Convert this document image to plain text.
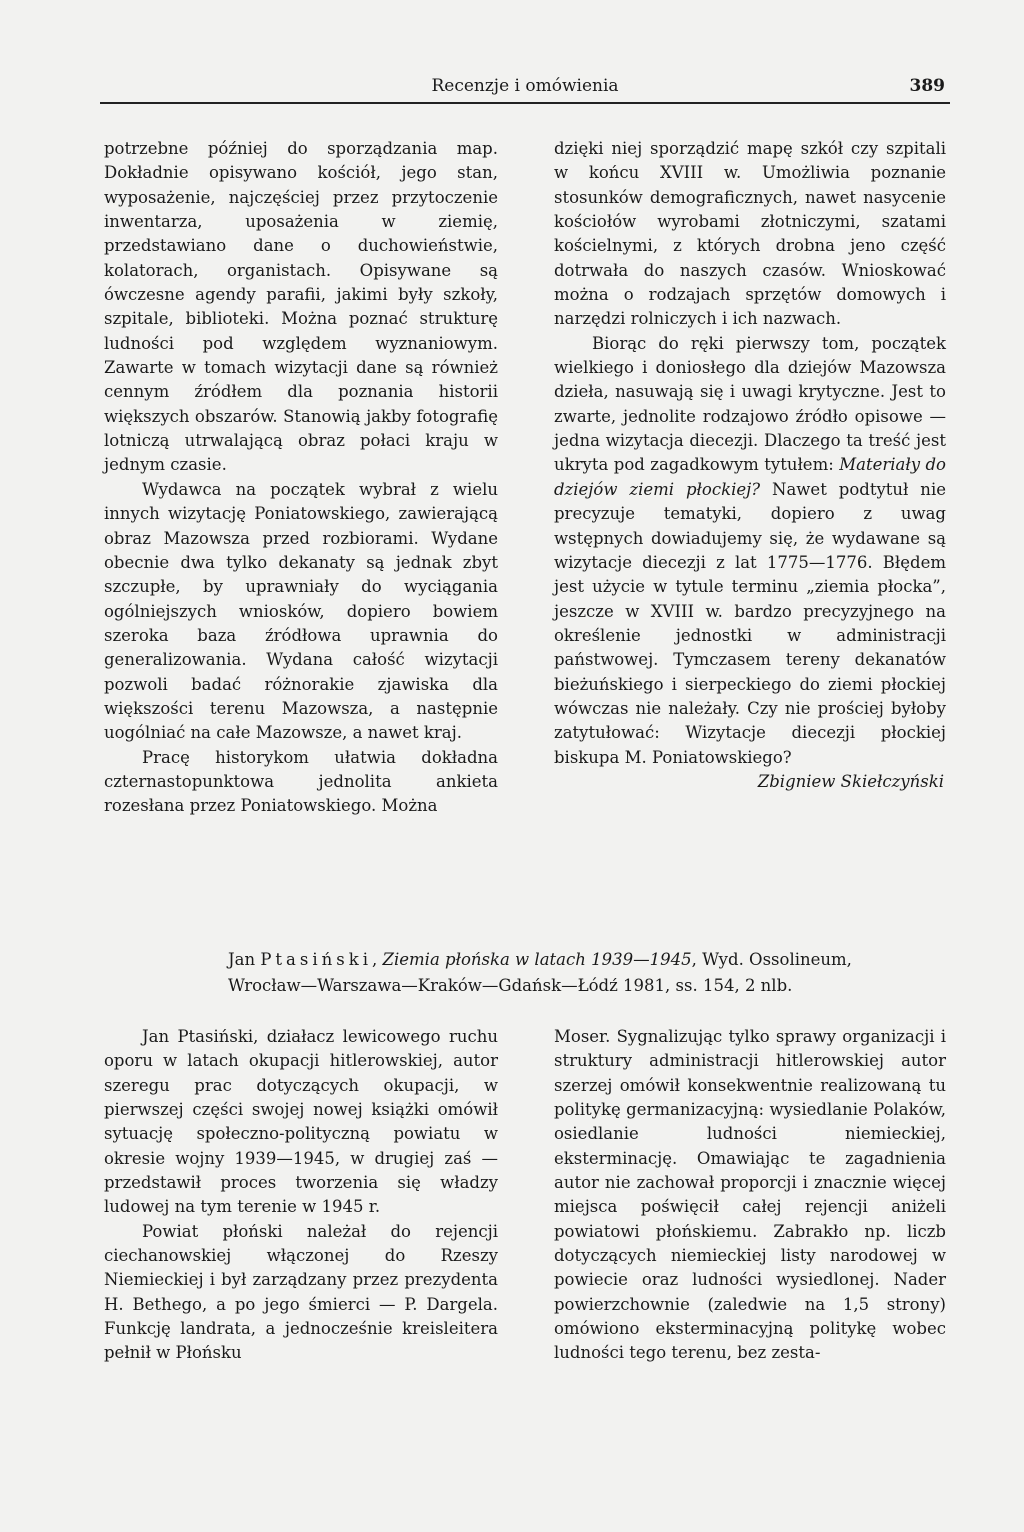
Recenzje i omówienia	389

potrzebne później do sporządzania map. Dokładnie opisywano kościół, jego stan, wyposażenie, najczęściej przez przytoczenie inwentarza, uposażenia w ziemię, przedstawiano dane o duchowieństwie, kolatorach, organistach. Opisywane są ówczesne agendy parafii, jakimi były szkoły, szpitale, biblioteki. Można poznać strukturę ludności pod względem wyznaniowym. Zawarte w tomach wizytacji dane są również cennym źródłem dla poznania historii większych obszarów. Stanowią jakby fotografię lotniczą utrwalającą obraz połaci kraju w jednym czasie.

Wydawca na początek wybrał z wielu innych wizytację Poniatowskiego, zawierającą obraz Mazowsza przed rozbiorami. Wydane obecnie dwa tylko dekanaty są jednak zbyt szczupłe, by uprawniały do wyciągania ogólniejszych wniosków, dopiero bowiem szeroka baza źródłowa uprawnia do generalizowania. Wydana całość wizytacji pozwoli badać różnorakie zjawiska dla większości terenu Mazowsza, a następnie uogólniać na całe Mazowsze, a nawet kraj.

Pracę historykom ułatwia dokładna czternastopunktowa jednolita ankieta rozesłana przez Poniatowskiego. Można

dzięki niej sporządzić mapę szkół czy szpitali w końcu XVIII w. Umożliwia poznanie stosunków demograficznych, nawet nasycenie kościołów wyrobami złotniczymi, szatami kościelnymi, z których drobna jeno część dotrwała do naszych czasów. Wnioskować można o rodzajach sprzętów domowych i narzędzi rolniczych i ich nazwach.

Biorąc do ręki pierwszy tom, początek wielkiego i doniosłego dla dziejów Mazowsza dzieła, nasuwają się i uwagi krytyczne. Jest to zwarte, jednolite rodzajowo źródło opisowe — jedna wizytacja diecezji. Dlaczego ta treść jest ukryta pod zagadkowym tytułem: Materiały do dziejów ziemi płockiej? Nawet podtytuł nie precyzuje tematyki, dopiero z uwag wstępnych dowiadujemy się, że wydawane są wizytacje diecezji z lat 1775—1776. Błędem jest użycie w tytule terminu „ziemia płocka”, jeszcze w XVIII w. bardzo precyzyjnego na określenie jednostki w administracji państwowej. Tymczasem tereny dekanatów bieżuńskiego i sierpeckiego do ziemi płockiej wówczas nie należały. Czy nie prościej byłoby zatytułować: Wizytacje diecezji płockiej biskupa M. Poniatowskiego?

Zbigniew Skiełczyński

Jan Ptasiński, Ziemia płońska w latach 1939—1945, Wyd. Ossolineum,
Wrocław—Warszawa—Kraków—Gdańsk—Łódź 1981, ss. 154, 2 nlb.

Jan Ptasiński, działacz lewicowego ruchu oporu w latach okupacji hitlerowskiej, autor szeregu prac dotyczących okupacji, w pierwszej części swojej nowej książki omówił sytuację społeczno-polityczną powiatu w okresie wojny 1939—1945, w drugiej zaś — przedstawił proces tworzenia się władzy ludowej na tym terenie w 1945 r.

Powiat płoński należał do rejencji ciechanowskiej włączonej do Rzeszy Niemieckiej i był zarządzany przez prezydenta H. Bethego, a po jego śmierci — P. Dargela. Funkcję landrata, a jednocześnie kreisleitera pełnił w Płońsku

Moser. Sygnalizując tylko sprawy organizacji i struktury administracji hitlerowskiej autor szerzej omówił konsekwentnie realizowaną tu politykę germanizacyjną: wysiedlanie Polaków, osiedlanie ludności niemieckiej, eksterminację. Omawiając te zagadnienia autor nie zachował proporcji i znacznie więcej miejsca poświęcił całej rejencji aniżeli powiatowi płońskiemu. Zabrakło np. liczb dotyczących niemieckiej listy narodowej w powiecie oraz ludności wysiedlonej. Nader powierzchownie (zaledwie na 1,5 strony) omówiono eksterminacyjną politykę wobec ludności tego terenu, bez zesta-
